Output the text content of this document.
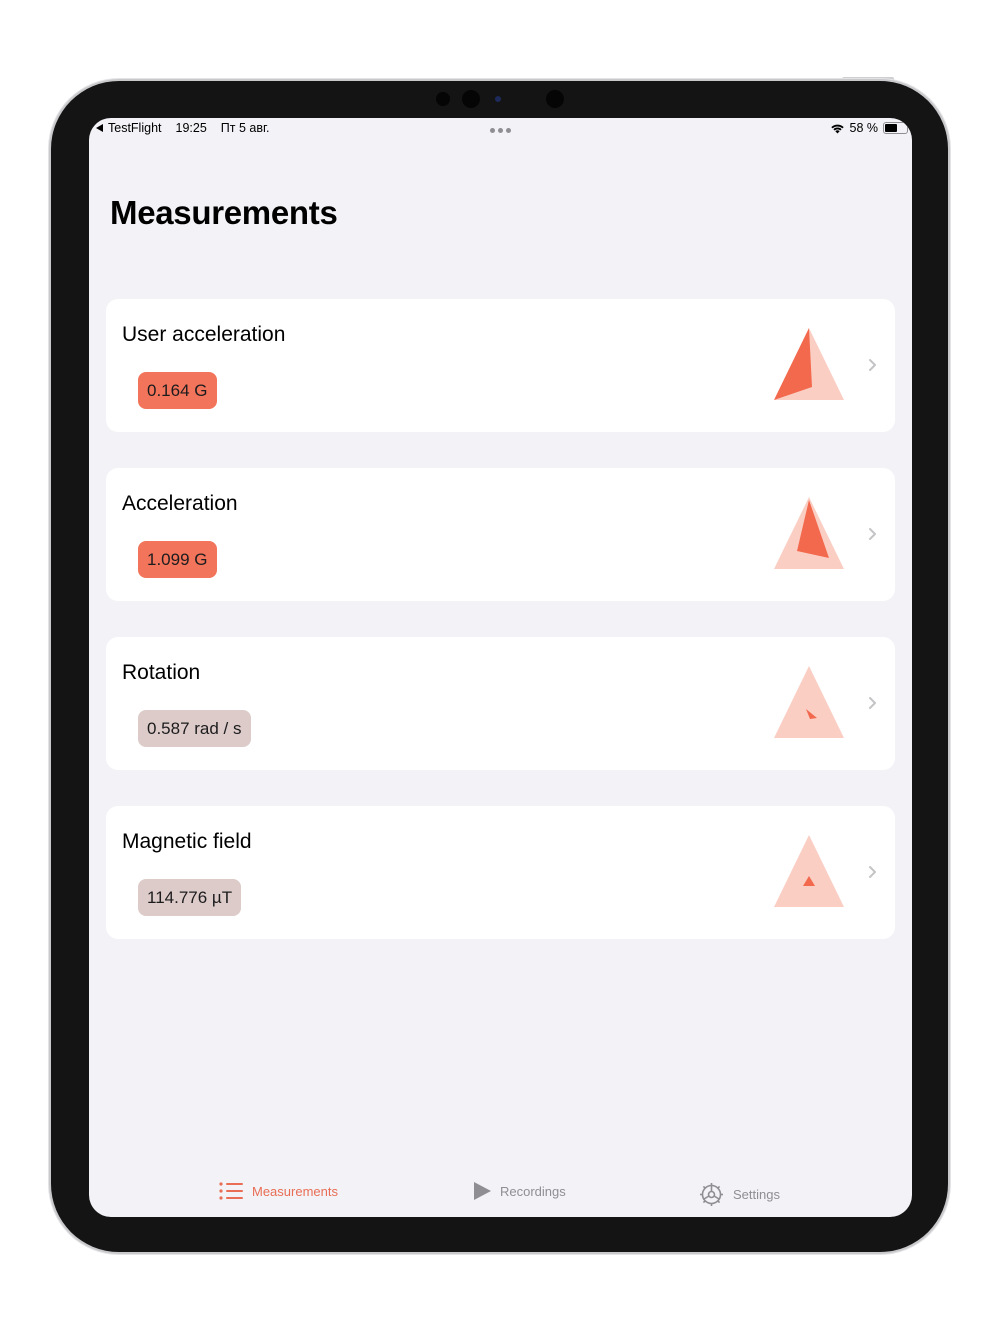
TestFlight 19:25 Пт 5 авг.	58 %
Measurements
User acceleration
0.164 G
Acceleration
1.099 G
Rotation
0.587 rad / s
Magnetic field
114.776 µT
Measurements	Recordings	Settings
